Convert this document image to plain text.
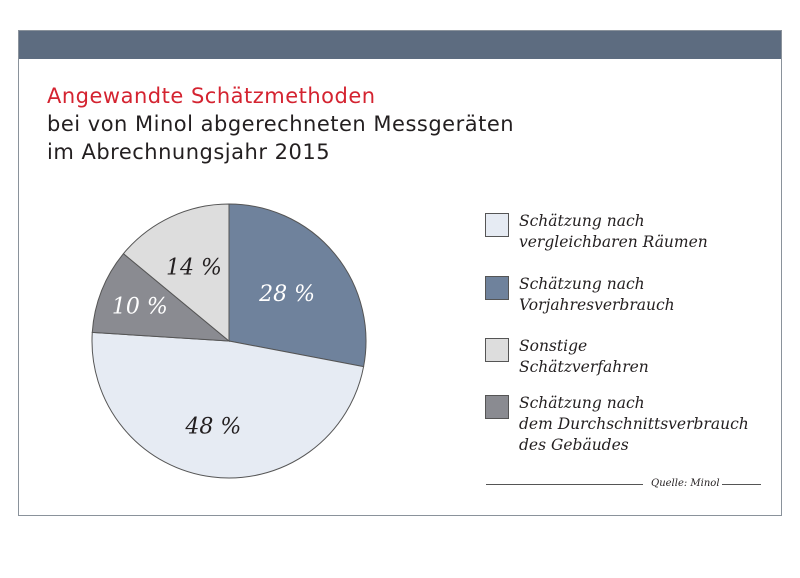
Angewandte Schätzmethoden

bei von Minol abgerechneten Messgeräten

im Abrechnungsjahr 2015

28 %
48 %
10 %
14 %
Schätzung nach
vergleichbaren Räumen
Schätzung nach
Vorjahresverbrauch
Sonstige
Schätzverfahren
Schätzung nach
dem Durchschnittsverbrauch
des Gebäudes
Quelle: Minol
